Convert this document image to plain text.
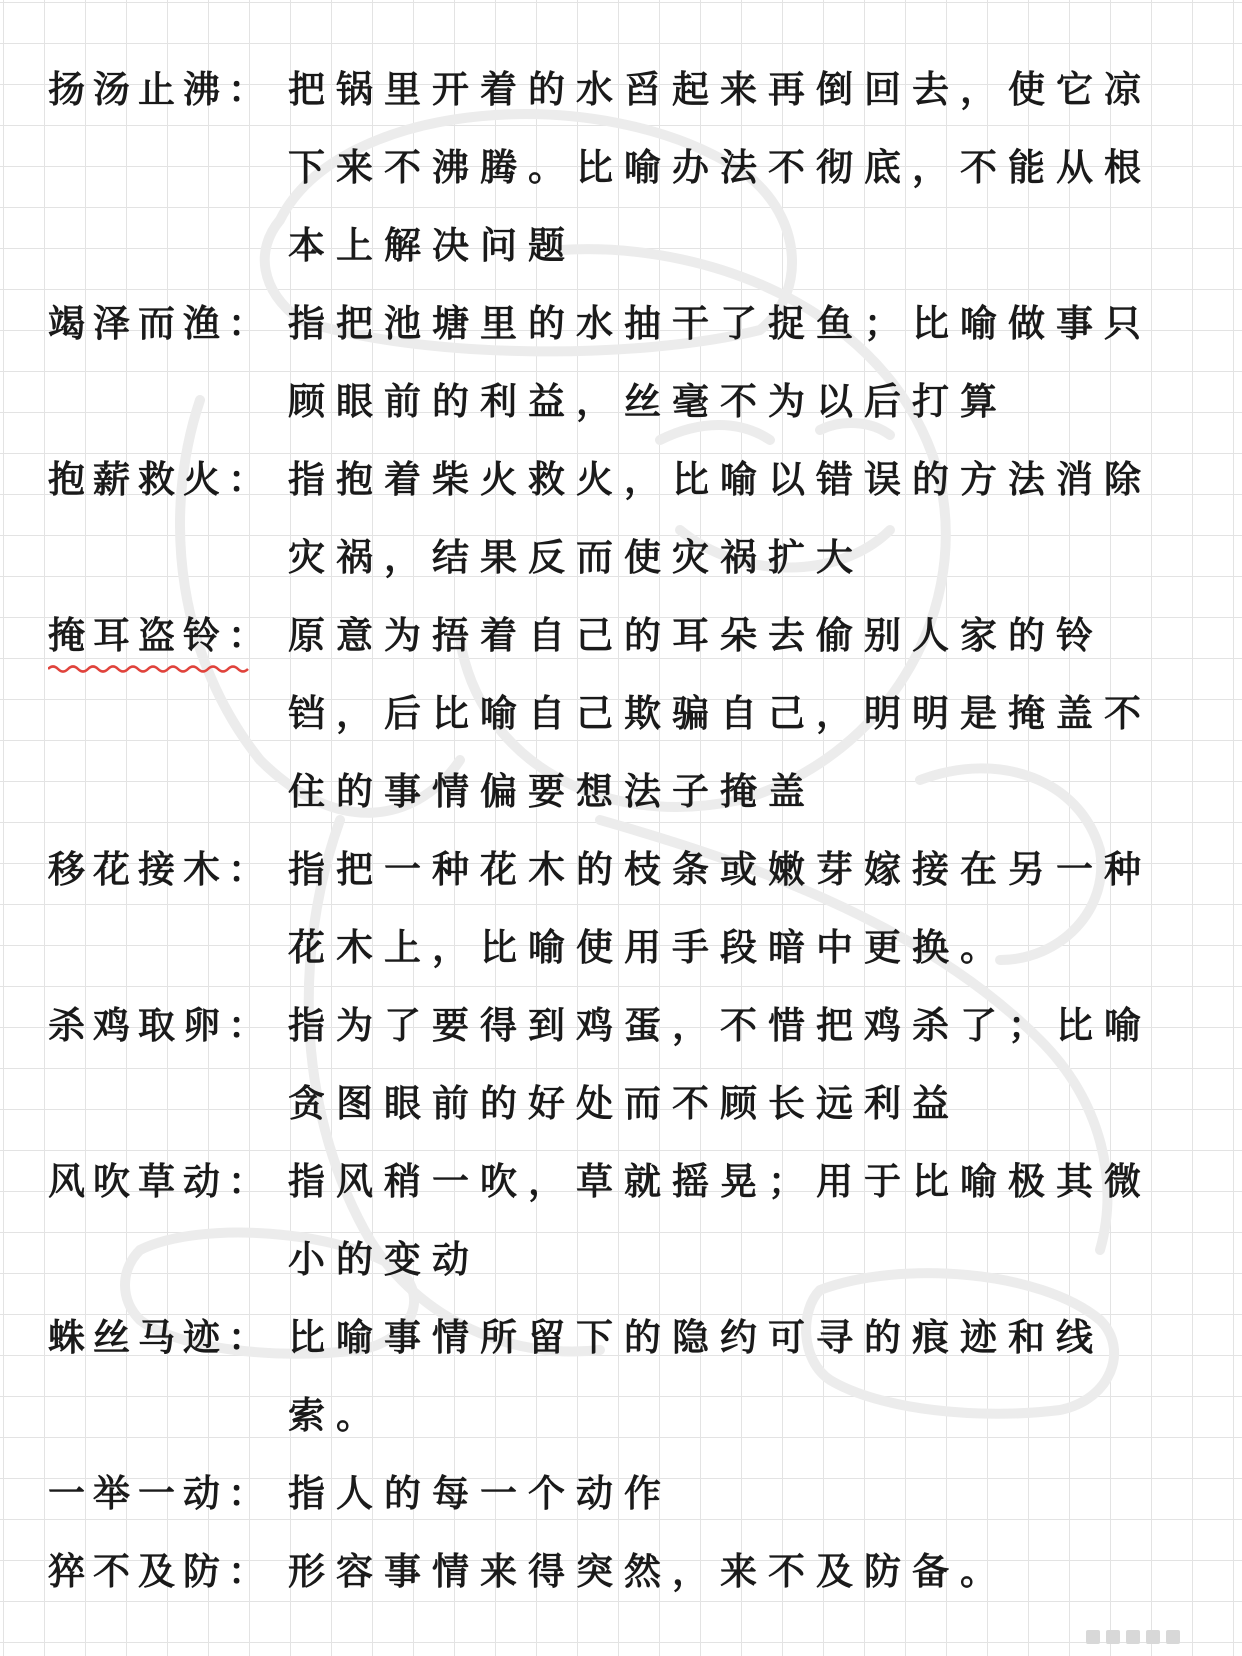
扬汤止沸： 把锅里开着的水舀起来再倒回去，使它凉下来不沸腾。比喻办法不彻底，不能从根本上解决问题
竭泽而渔： 指把池塘里的水抽干了捉鱼；比喻做事只顾眼前的利益，丝毫不为以后打算
抱薪救火： 指抱着柴火救火，比喻以错误的方法消除灾祸，结果反而使灾祸扩大
掩耳盗铃： 原意为捂着自己的耳朵去偷别人家的铃铛，后比喻自己欺骗自己，明明是掩盖不住的事情偏要想法子掩盖
移花接木： 指把一种花木的枝条或嫩芽嫁接在另一种花木上，比喻使用手段暗中更换。
杀鸡取卵： 指为了要得到鸡蛋，不惜把鸡杀了；比喻贪图眼前的好处而不顾长远利益
风吹草动： 指风稍一吹，草就摇晃；用于比喻极其微小的变动
蛛丝马迹： 比喻事情所留下的隐约可寻的痕迹和线索。
一举一动： 指人的每一个动作
猝不及防： 形容事情来得突然，来不及防备。
